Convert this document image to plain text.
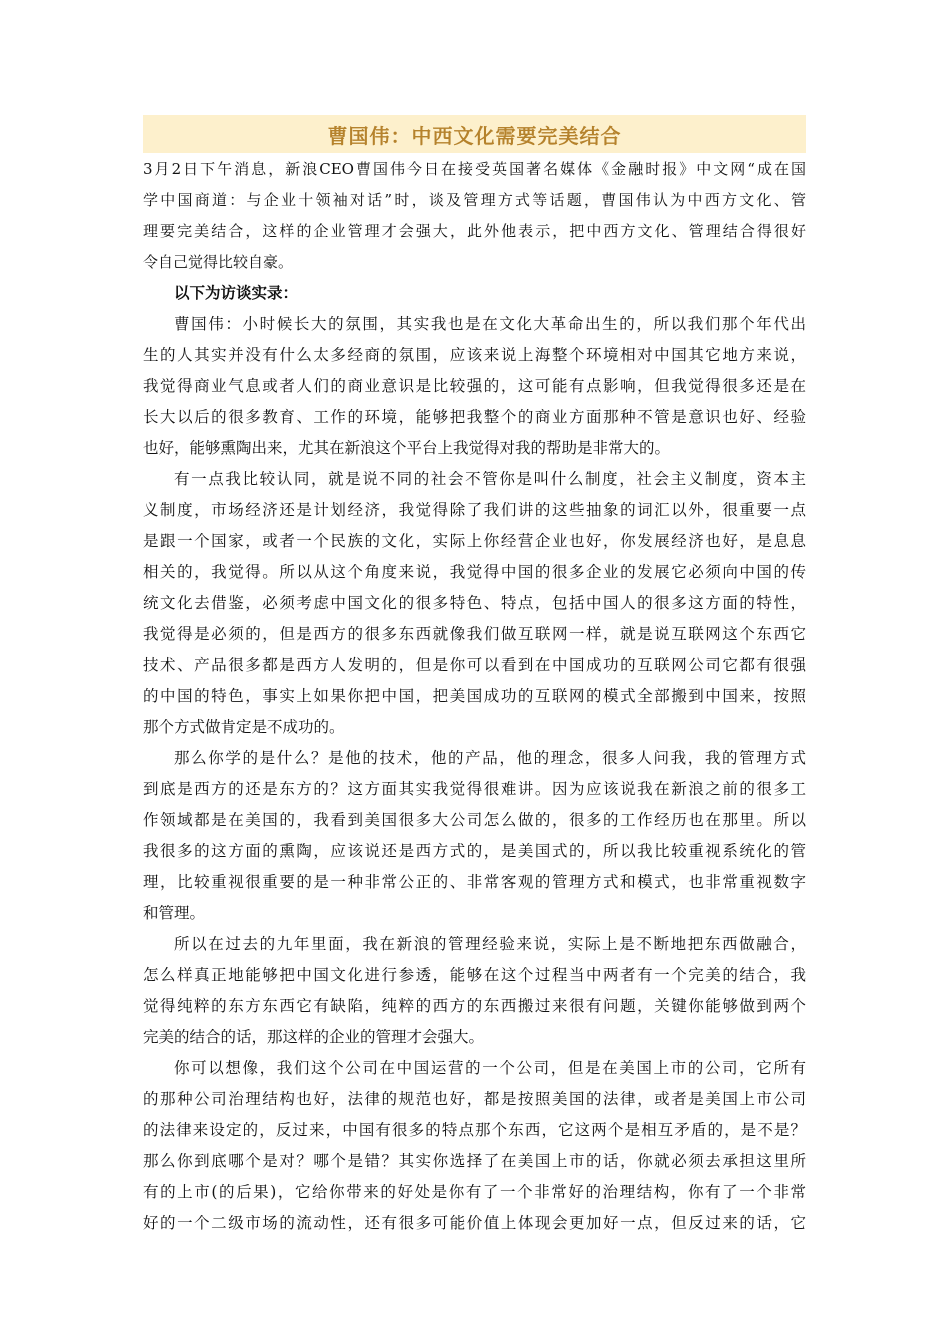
曹国伟：中西文化需要完美结合
3月2日下午消息，新浪CEO曹国伟今日在接受英国著名媒体《金融时报》中文网“成在国
学中国商道：与企业十领袖对话”时，谈及管理方式等话题，曹国伟认为中西方文化、管
理要完美结合，这样的企业管理才会强大，此外他表示，把中西方文化、管理结合得很好
令自己觉得比较自豪。
以下为访谈实录：
曹国伟：小时候长大的氛围，其实我也是在文化大革命出生的，所以我们那个年代出
生的人其实并没有什么太多经商的氛围，应该来说上海整个环境相对中国其它地方来说，
我觉得商业气息或者人们的商业意识是比较强的，这可能有点影响，但我觉得很多还是在
长大以后的很多教育、工作的环境，能够把我整个的商业方面那种不管是意识也好、经验
也好，能够熏陶出来，尤其在新浪这个平台上我觉得对我的帮助是非常大的。
有一点我比较认同，就是说不同的社会不管你是叫什么制度，社会主义制度，资本主
义制度，市场经济还是计划经济，我觉得除了我们讲的这些抽象的词汇以外，很重要一点
是跟一个国家，或者一个民族的文化，实际上你经营企业也好，你发展经济也好，是息息
相关的，我觉得。所以从这个角度来说，我觉得中国的很多企业的发展它必须向中国的传
统文化去借鉴，必须考虑中国文化的很多特色、特点，包括中国人的很多这方面的特性，
我觉得是必须的，但是西方的很多东西就像我们做互联网一样，就是说互联网这个东西它
技术、产品很多都是西方人发明的，但是你可以看到在中国成功的互联网公司它都有很强
的中国的特色，事实上如果你把中国，把美国成功的互联网的模式全部搬到中国来，按照
那个方式做肯定是不成功的。
那么你学的是什么？是他的技术，他的产品，他的理念，很多人问我，我的管理方式
到底是西方的还是东方的？这方面其实我觉得很难讲。因为应该说我在新浪之前的很多工
作领域都是在美国的，我看到美国很多大公司怎么做的，很多的工作经历也在那里。所以
我很多的这方面的熏陶，应该说还是西方式的，是美国式的，所以我比较重视系统化的管
理，比较重视很重要的是一种非常公正的、非常客观的管理方式和模式，也非常重视数字
和管理。
所以在过去的九年里面，我在新浪的管理经验来说，实际上是不断地把东西做融合，
怎么样真正地能够把中国文化进行参透，能够在这个过程当中两者有一个完美的结合，我
觉得纯粹的东方东西它有缺陷，纯粹的西方的东西搬过来很有问题，关键你能够做到两个
完美的结合的话，那这样的企业的管理才会强大。
你可以想像，我们这个公司在中国运营的一个公司，但是在美国上市的公司，它所有
的那种公司治理结构也好，法律的规范也好，都是按照美国的法律，或者是美国上市公司
的法律来设定的，反过来，中国有很多的特点那个东西，它这两个是相互矛盾的，是不是？
那么你到底哪个是对？哪个是错？其实你选择了在美国上市的话，你就必须去承担这里所
有的上市(的后果)，它给你带来的好处是你有了一个非常好的治理结构，你有了一个非常
好的一个二级市场的流动性，还有很多可能价值上体现会更加好一点，但反过来的话，它
